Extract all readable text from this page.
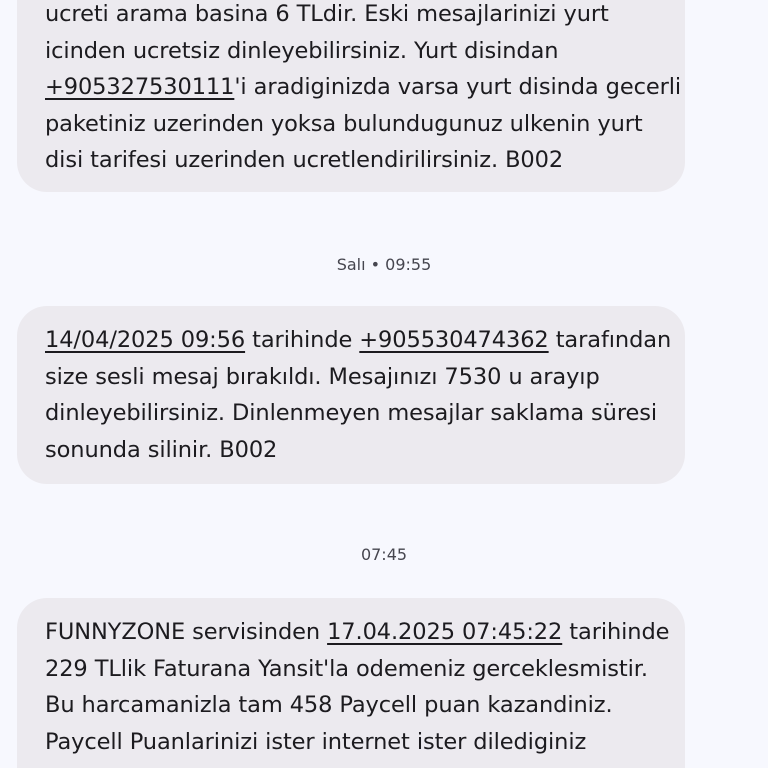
ucreti arama basina 6 TLdir. Eski mesajlarinizi yurt
icinden ucretsiz dinleyebilirsiniz. Yurt disindan
+905327530111'i aradiginizda varsa yurt disinda gecerli
paketiniz uzerinden yoksa bulundugunuz ulkenin yurt
disi tarifesi uzerinden ucretlendirilirsiniz. B002
Salı • 09:55
14/04/2025 09:56 tarihinde +905530474362 tarafından
size sesli mesaj bırakıldı. Mesajınızı 7530 u arayıp
dinleyebilirsiniz. Dinlenmeyen mesajlar saklama süresi
sonunda silinir. B002
07:45
FUNNYZONE servisinden 17.04.2025 07:45:22 tarihinde
229 TLlik Faturana Yansit'la odemeniz gerceklesmistir.
Bu harcamanizla tam 458 Paycell puan kazandiniz.
Paycell Puanlarinizi ister internet ister dilediginiz
